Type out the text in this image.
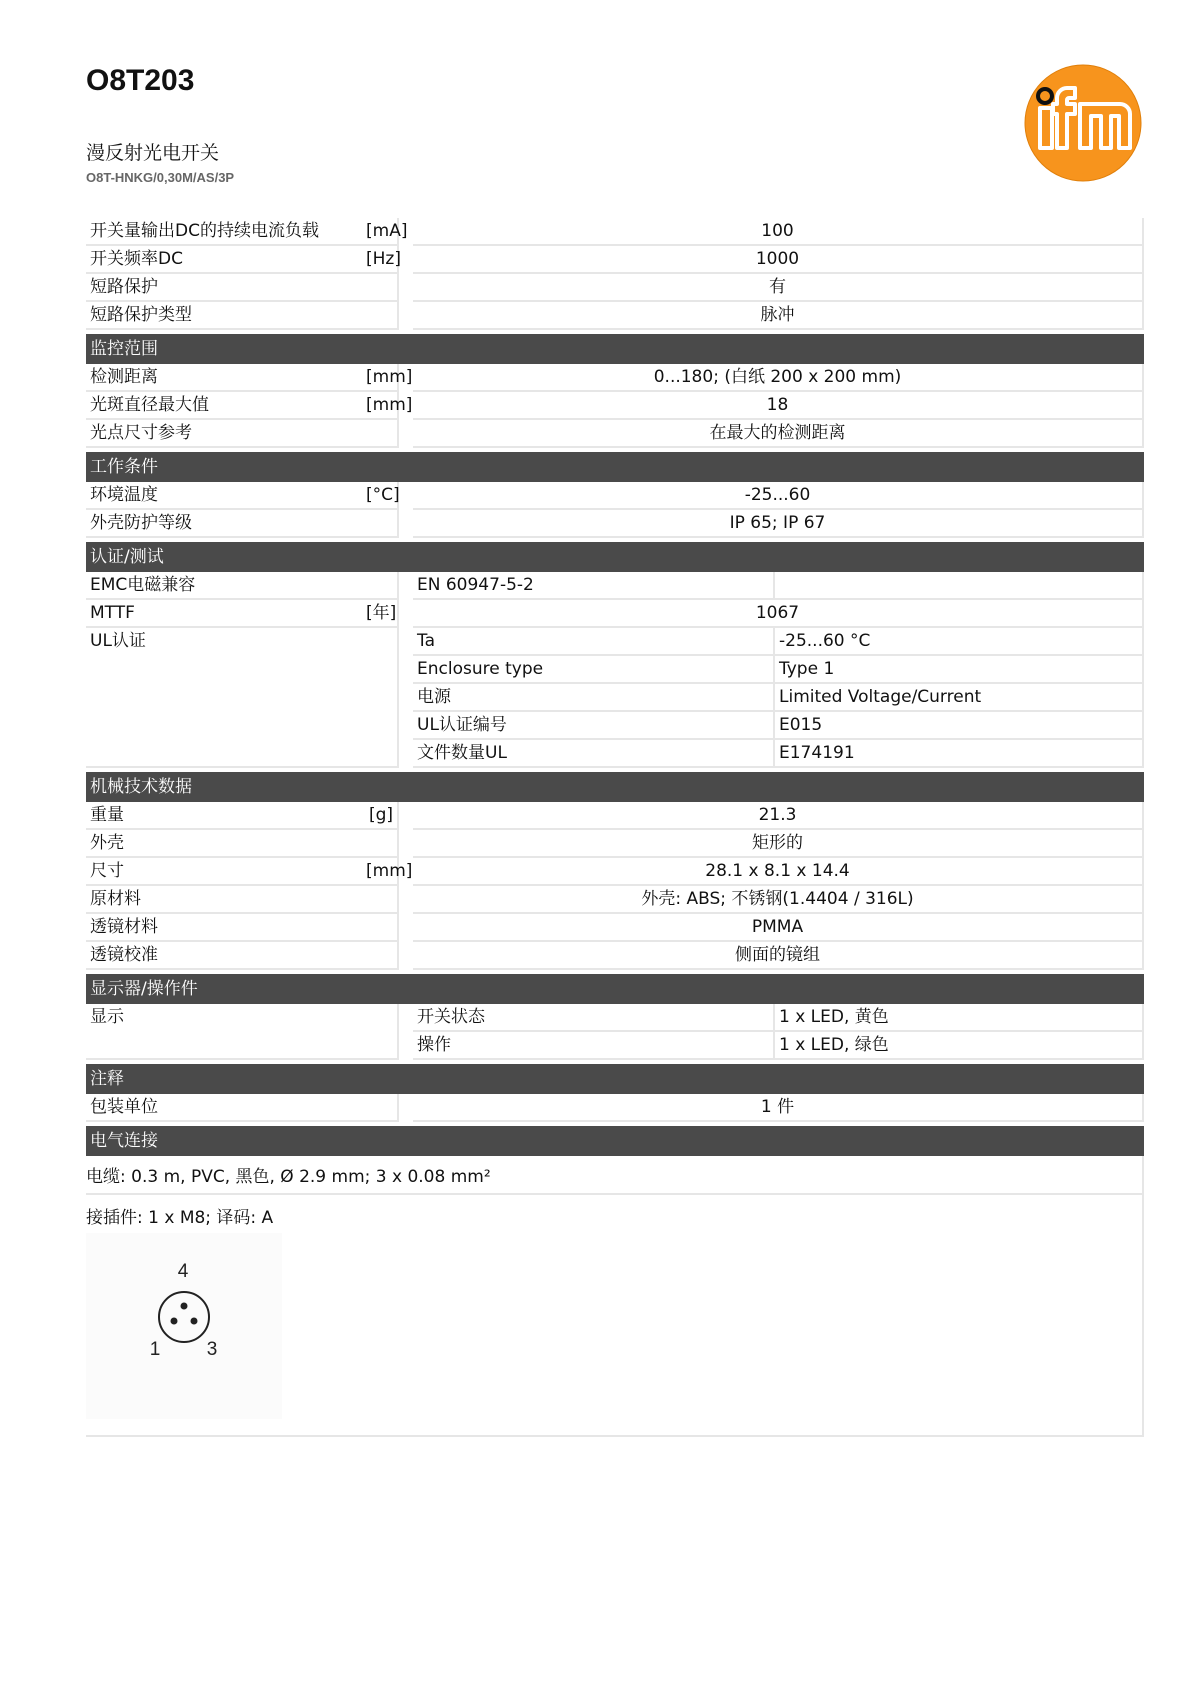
O8T203
漫反射光电开关
O8T-HNKG/0,30M/AS/3P	ifm
开关量输出DC的持续电流负载	[mA]		100	
开关频率DC	[Hz]		1000	
短路保护			有	
短路保护类型			脉冲	

监控范围				
检测距离	[mm]		0...180; (白纸 200 x 200 mm)	
光斑直径最大值	[mm]		18	
光点尺寸参考			在最大的检测距离	

工作条件				
环境温度	[°C]		-25...60	
外壳防护等级			IP 65; IP 67	

认证/测试				
EMC电磁兼容			EN 60947-5-2	
MTTF	[年]		1067	
UL认证			Ta	-25...60 °C
			Enclosure type	Type 1
			电源	Limited Voltage/Current
			UL认证编号	E015
			文件数量UL	E174191

机械技术数据				
重量	[g]		21.3	
外壳			矩形的	
尺寸	[mm]		28.1 x 8.1 x 14.4	
原材料			外壳: ABS; 不锈钢(1.4404 / 316L)	
透镜材料			PMMA	
透镜校准			侧面的镜组	

显示器/操作件				
显示			开关状态	1 x LED, 黄色
			操作	1 x LED, 绿色

注释				
包装单位			1 件	

电气连接				
电缆: 0.3 m, PVC, 黑色, Ø 2.9 mm; 3 x 0.08 mm²
接插件: 1 x M8; 译码: A
4
1 3
